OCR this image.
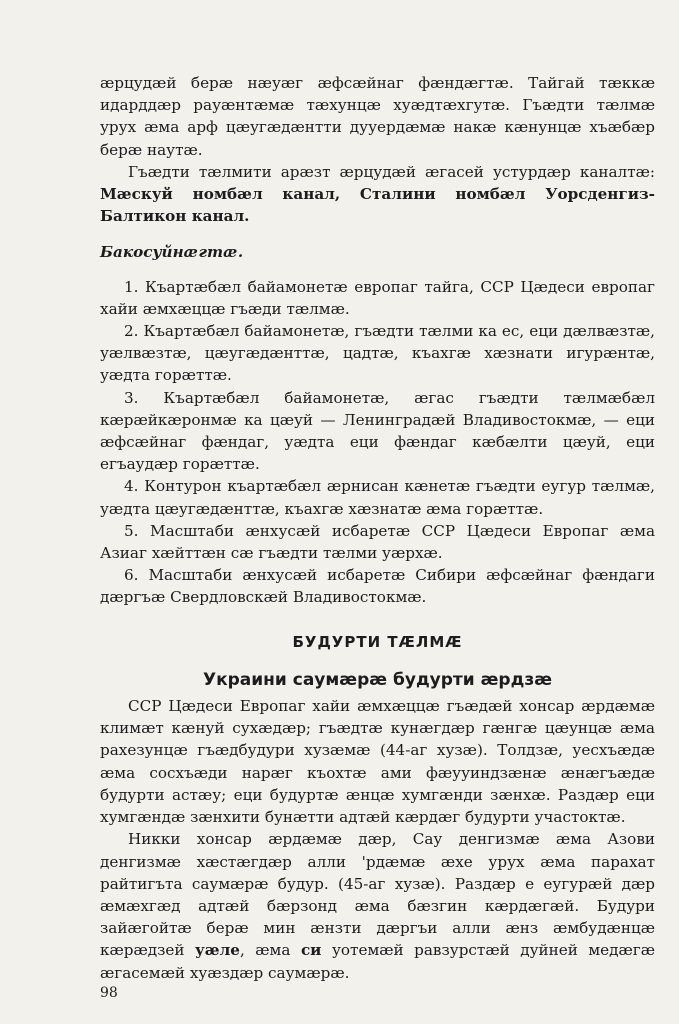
ӕрцудӕй берӕ нӕуӕг ӕфсӕйнаг фӕндӕгтӕ. Тайгай тӕккӕ идарддӕр рауӕнтӕмӕ тӕхунцӕ хуӕдтӕхгутӕ. Гъӕдти тӕлмӕ урух ӕма арф цӕугӕдӕнтти дууердӕмӕ накӕ кӕнунцӕ хъӕбӕр берӕ наутӕ.

Гъӕдти тӕлмити арӕзт ӕрцудӕй ӕгасей устурдӕр каналтӕ: Мӕскуй номбӕл канал, Сталини номбӕл Уорсденгиз-Балтикон канал.

Бакосуйнӕгтӕ.

1. Къартӕбӕл байамонетӕ европаг тайга, ССР Цӕдеси европаг хайи ӕмхӕццӕ гъӕди тӕлмӕ.

2. Къартӕбӕл байамонетӕ, гъӕдти тӕлми ка ес, еци дӕлвӕзтӕ, уӕлвӕзтӕ, цӕугӕдӕнттӕ, цадтӕ, къахгӕ хӕзнати игурӕнтӕ, уӕдта горӕттӕ.

3. Къартӕбӕл байамонетӕ, ӕгас гъӕдти тӕлмӕбӕл кӕрӕйкӕронмӕ ка цӕуй — Ленинградӕй Владивостокмӕ, — еци ӕфсӕйнаг фӕндаг, уӕдта еци фӕндаг кӕбӕлти цӕуй, еци егъаудӕр горӕттӕ.

4. Контурон къартӕбӕл ӕрнисан кӕнетӕ гъӕдти еугур тӕлмӕ, уӕдта цӕугӕдӕнттӕ, къахгӕ хӕзнатӕ ӕма горӕттӕ.

5. Масштаби ӕнхусӕй исбаретӕ ССР Цӕдеси Европаг ӕма Азиаг хӕйттӕн сӕ гъӕдти тӕлми уӕрхӕ.

6. Масштаби ӕнхусӕй исбаретӕ Сибири ӕфсӕйнаг фӕндаги дӕргъӕ Свердловскӕй Владивостокмӕ.

БУДУРТИ ТӔЛМӔ

Украини саумӕрӕ будурти ӕрдзӕ

ССР Цӕдеси Европаг хайи ӕмхӕццӕ гъӕдӕй хонсар ӕрдӕмӕ климӕт кӕнуй сухӕдӕр; гъӕдтӕ кунӕгдӕр гӕнгӕ цӕунцӕ ӕма рахезунцӕ гъӕдбудури хузӕмӕ (44-аг хузӕ). Толдзӕ, уесхъӕдӕ ӕма сосхъӕди нарӕг къохтӕ ами фӕууиндзӕнӕ ӕнӕгъӕдӕ будурти астӕу; еци будуртӕ ӕнцӕ хумгӕнди зӕнхӕ. Раздӕр еци хумгӕндӕ зӕнхити бунӕтти адтӕй кӕрдӕг будурти участоктӕ.

Никки хонсар ӕрдӕмӕ дӕр, Сау денгизмӕ ӕма Азови денгизмӕ хӕстӕгдӕр алли 'рдӕмӕ ӕхе урух ӕма парахат райтигъта саумӕрӕ будур. (45-аг хузӕ). Раздӕр е еугурӕй дӕр ӕмӕхгӕд адтӕй бӕрзонд ӕма бӕзгин кӕрдӕгӕй. Будури зайӕгойтӕ берӕ мин ӕнзти дӕргъи алли ӕнз ӕмбудӕнцӕ кӕрӕдзей уӕле, ӕма си уотемӕй равзурстӕй дуйней медӕгӕ ӕгасемӕй хуӕздӕр саумӕрӕ.

98
